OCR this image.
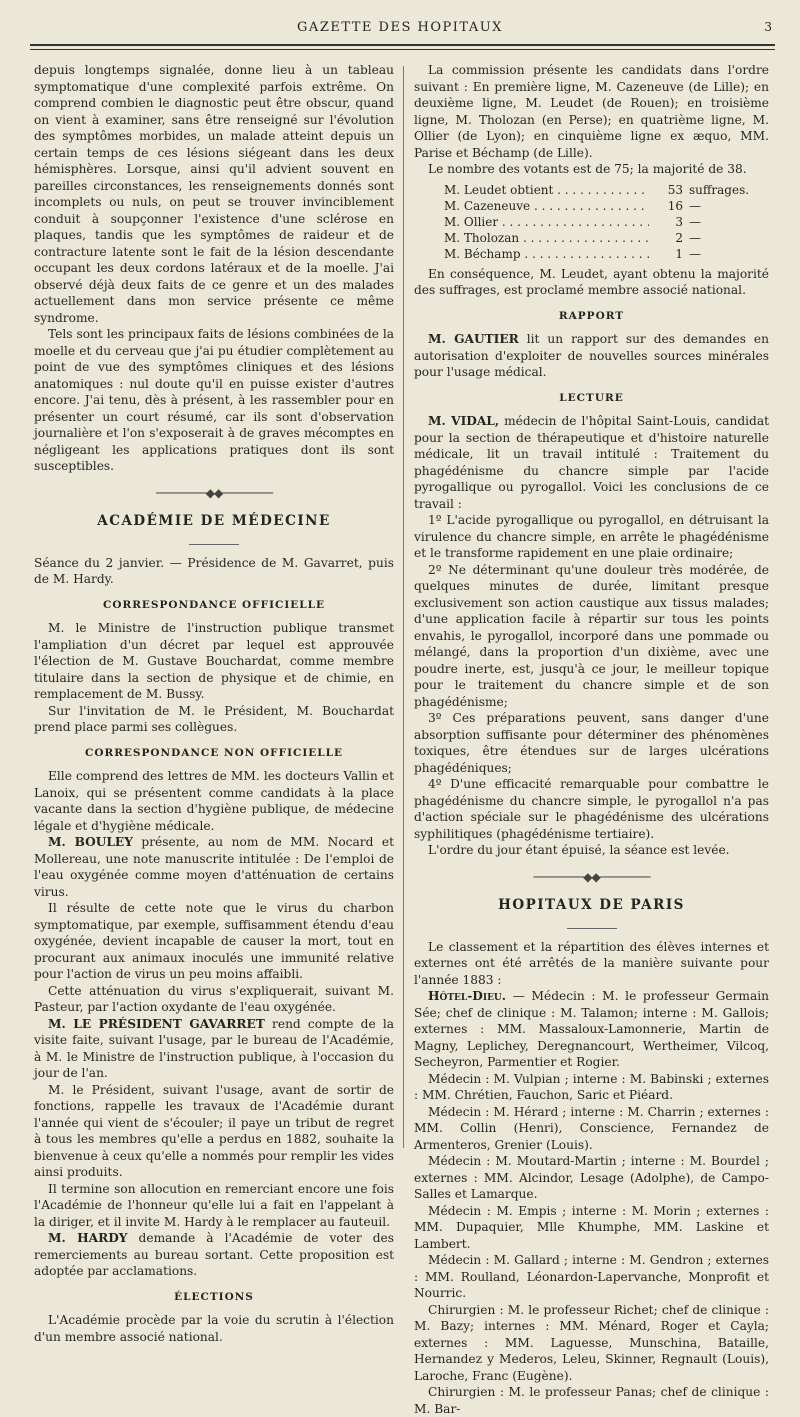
GAZETTE DES HOPITAUX	3

depuis longtemps signalée, donne lieu à un tableau symptomatique d'une complexité parfois extrême. On comprend combien le diagnostic peut être obscur, quand on vient à examiner, sans être renseigné sur l'évolution des symptômes morbides, un malade atteint depuis un certain temps de ces lésions siégeant dans les deux hémisphères. Lorsque, ainsi qu'il advient souvent en pareilles circonstances, les renseignements donnés sont incomplets ou nuls, on peut se trouver invinciblement conduit à soupçonner l'existence d'une sclérose en plaques, tandis que les symptômes de raideur et de contracture latente sont le fait de la lésion descendante occupant les deux cordons latéraux et de la moelle. J'ai observé déjà deux faits de ce genre et un des malades actuellement dans mon service présente ce même syndrome.

Tels sont les principaux faits de lésions combinées de la moelle et du cerveau que j'ai pu étudier complètement au point de vue des symptômes cliniques et des lésions anatomiques : nul doute qu'il en puisse exister d'autres encore. J'ai tenu, dès à présent, à les rassembler pour en présenter un court résumé, car ils sont d'observation journalière et l'on s'exposerait à de graves mécomptes en négligeant les applications pratiques dont ils sont susceptibles.

────────◆◆────────
ACADÉMIE DE MÉDECINE

Séance du 2 janvier. — Présidence de M. Gavarret, puis de M. Hardy.

CORRESPONDANCE OFFICIELLE

M. le Ministre de l'instruction publique transmet l'ampliation d'un décret par lequel est approuvée l'élection de M. Gustave Bouchardat, comme membre titulaire dans la section de physique et de chimie, en remplacement de M. Bussy.

Sur l'invitation de M. le Président, M. Bouchardat prend place parmi ses collègues.

CORRESPONDANCE NON OFFICIELLE

Elle comprend des lettres de MM. les docteurs Vallin et Lanoix, qui se présentent comme candidats à la place vacante dans la section d'hygiène publique, de médecine légale et d'hygiène médicale.

M. BOULEY présente, au nom de MM. Nocard et Mollereau, une note manuscrite intitulée : De l'emploi de l'eau oxygénée comme moyen d'atténuation de certains virus.

Il résulte de cette note que le virus du charbon symptomatique, par exemple, suffisamment étendu d'eau oxygénée, devient incapable de causer la mort, tout en procurant aux animaux inoculés une immunité relative pour l'action de virus un peu moins affaibli.

Cette atténuation du virus s'expliquerait, suivant M. Pasteur, par l'action oxydante de l'eau oxygénée.

M. LE PRÉSIDENT GAVARRET rend compte de la visite faite, suivant l'usage, par le bureau de l'Académie, à M. le Ministre de l'instruction publique, à l'occasion du jour de l'an.

M. le Président, suivant l'usage, avant de sortir de fonctions, rappelle les travaux de l'Académie durant l'année qui vient de s'écouler; il paye un tribut de regret à tous les membres qu'elle a perdus en 1882, souhaite la bienvenue à ceux qu'elle a nommés pour remplir les vides ainsi produits.

Il termine son allocution en remerciant encore une fois l'Académie de l'honneur qu'elle lui a fait en l'appelant à la diriger, et il invite M. Hardy à le remplacer au fauteuil.

M. HARDY demande à l'Académie de voter des remerciements au bureau sortant. Cette proposition est adoptée par acclamations.

ÉLECTIONS

L'Académie procède par la voie du scrutin à l'élection d'un membre associé national.

La commission présente les candidats dans l'ordre suivant : En première ligne, M. Cazeneuve (de Lille); en deuxième ligne, M. Leudet (de Rouen); en troisième ligne, M. Tholozan (en Perse); en quatrième ligne, M. Ollier (de Lyon); en cinquième ligne ex æquo, MM. Parise et Béchamp (de Lille).

Le nombre des votants est de 75; la majorité de 38.

M. Leudet obtient . . .	53 suffrages.
M. Cazeneuve . . .	16 —
M. Ollier . . .	3 —
M. Tholozan . . .	2 —
M. Béchamp . . .	1 —

En conséquence, M. Leudet, ayant obtenu la majorité des suffrages, est proclamé membre associé national.

RAPPORT

M. GAUTIER lit un rapport sur des demandes en autorisation d'exploiter de nouvelles sources minérales pour l'usage médical.

LECTURE

M. VIDAL, médecin de l'hôpital Saint-Louis, candidat pour la section de thérapeutique et d'histoire naturelle médicale, lit un travail intitulé : Traitement du phagédénisme du chancre simple par l'acide pyrogallique ou pyrogallol. Voici les conclusions de ce travail :

1º L'acide pyrogallique ou pyrogallol, en détruisant la virulence du chancre simple, en arrête le phagédénisme et le transforme rapidement en une plaie ordinaire;

2º Ne déterminant qu'une douleur très modérée, de quelques minutes de durée, limitant presque exclusivement son action caustique aux tissus malades; d'une application facile à répartir sur tous les points envahis, le pyrogallol, incorporé dans une pommade ou mélangé, dans la proportion d'un dixième, avec une poudre inerte, est, jusqu'à ce jour, le meilleur topique pour le traitement du chancre simple et de son phagédénisme;

3º Ces préparations peuvent, sans danger d'une absorption suffisante pour déterminer des phénomènes toxiques, être étendues sur de larges ulcérations phagédéniques;

4º D'une efficacité remarquable pour combattre le phagédénisme du chancre simple, le pyrogallol n'a pas d'action spéciale sur le phagédénisme des ulcérations syphilitiques (phagédénisme tertiaire).

L'ordre du jour étant épuisé, la séance est levée.

────────◆◆────────
HOPITAUX DE PARIS

Le classement et la répartition des élèves internes et externes ont été arrêtés de la manière suivante pour l'année 1883 :

Hôtel-Dieu. — Médecin : M. le professeur Germain Sée; chef de clinique : M. Talamon; interne : M. Gallois; externes : MM. Massaloux-Lamonnerie, Martin de Magny, Leplichey, Deregnancourt, Wertheimer, Vilcoq, Secheyron, Parmentier et Rogier.

Médecin : M. Vulpian ; interne : M. Babinski ; externes : MM. Chrétien, Fauchon, Saric et Piéard.

Médecin : M. Hérard ; interne : M. Charrin ; externes : MM. Collin (Henri), Conscience, Fernandez de Armenteros, Grenier (Louis).

Médecin : M. Moutard-Martin ; interne : M. Bourdel ; externes : MM. Alcindor, Lesage (Adolphe), de Campo-Salles et Lamarque.

Médecin : M. Empis ; interne : M. Morin ; externes : MM. Dupaquier, Mlle Khumphe, MM. Laskine et Lambert.

Médecin : M. Gallard ; interne : M. Gendron ; externes : MM. Roulland, Léonardon-Lapervanche, Monprofit et Nourric.

Chirurgien : M. le professeur Richet; chef de clinique : M. Bazy; internes : MM. Ménard, Roger et Cayla; externes : MM. Laguesse, Munschina, Bataille, Hernandez y Mederos, Leleu, Skinner, Regnault (Louis), Laroche, Franc (Eugène).

Chirurgien : M. le professeur Panas; chef de clinique : M. Bar-
